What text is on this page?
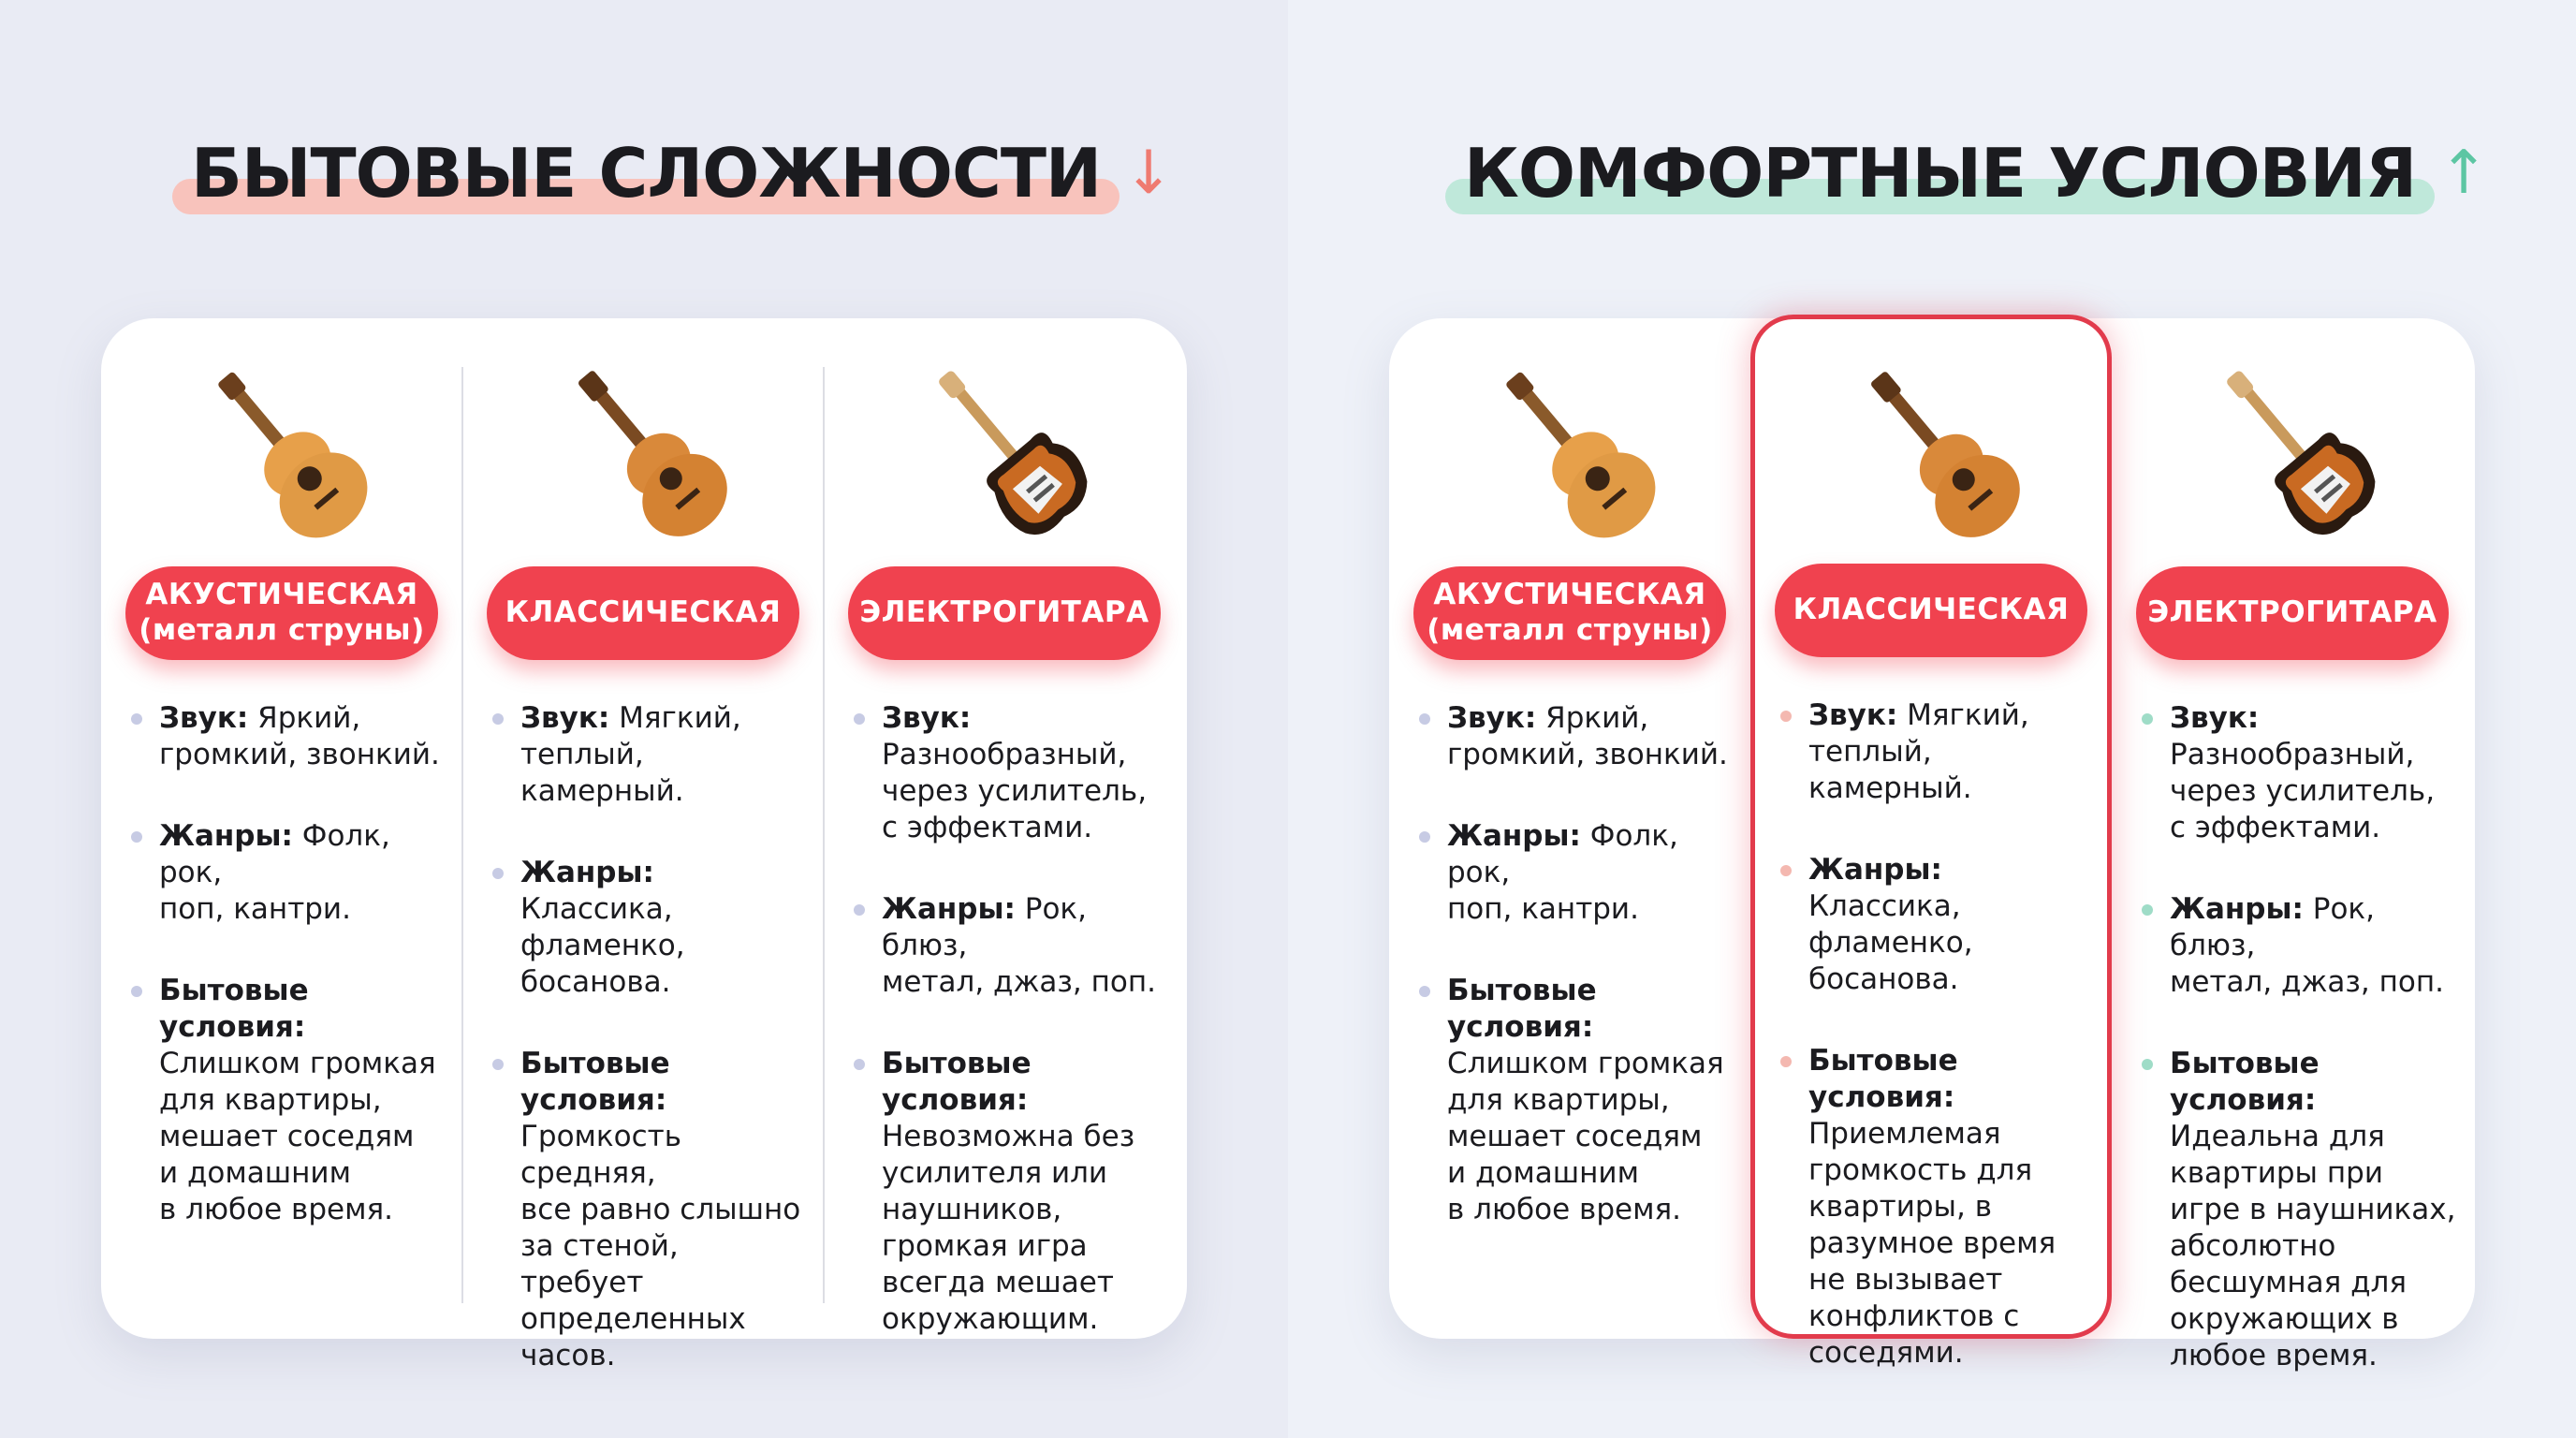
БЫТОВЫЕ СЛОЖНОСТИ ↓
АКУСТИЧЕСКАЯ
(металл струны)
Звук: Яркий,
громкий, звонкий.
Жанры: Фолк, рок,
поп, кантри.
Бытовые условия:
Слишком громкая
для квартиры,
мешает соседям
и домашним
в любое время.
КЛАССИЧЕСКАЯ
Звук: Мягкий,
теплый, камерный.
Жанры: Классика,
фламенко,
босанова.
Бытовые условия:
Громкость средняя,
все равно слышно
за стеной, требует
определенных
часов.
ЭЛЕКТРОГИТАРА
Звук:
Разнообразный,
через усилитель,
с эффектами.
Жанры: Рок, блюз,
метал, джаз, поп.
Бытовые условия:
Невозможна без
усилителя или
наушников,
громкая игра
всегда мешает
окружающим.
КОМФОРТНЫЕ УСЛОВИЯ ↑
АКУСТИЧЕСКАЯ
(металл струны)
Звук: Яркий,
громкий, звонкий.
Жанры: Фолк, рок,
поп, кантри.
Бытовые условия:
Слишком громкая
для квартиры,
мешает соседям
и домашним
в любое время.
КЛАССИЧЕСКАЯ
Звук: Мягкий,
теплый, камерный.
Жанры: Классика,
фламенко,
босанова.
Бытовые условия:
Приемлемая
громкость для
квартиры, в
разумное время
не вызывает
конфликтов с
соседями.
ЭЛЕКТРОГИТАРА
Звук:
Разнообразный,
через усилитель,
с эффектами.
Жанры: Рок, блюз,
метал, джаз, поп.
Бытовые условия:
Идеальна для
квартиры при
игре в наушниках,
абсолютно
бесшумная для
окружающих в
любое время.
